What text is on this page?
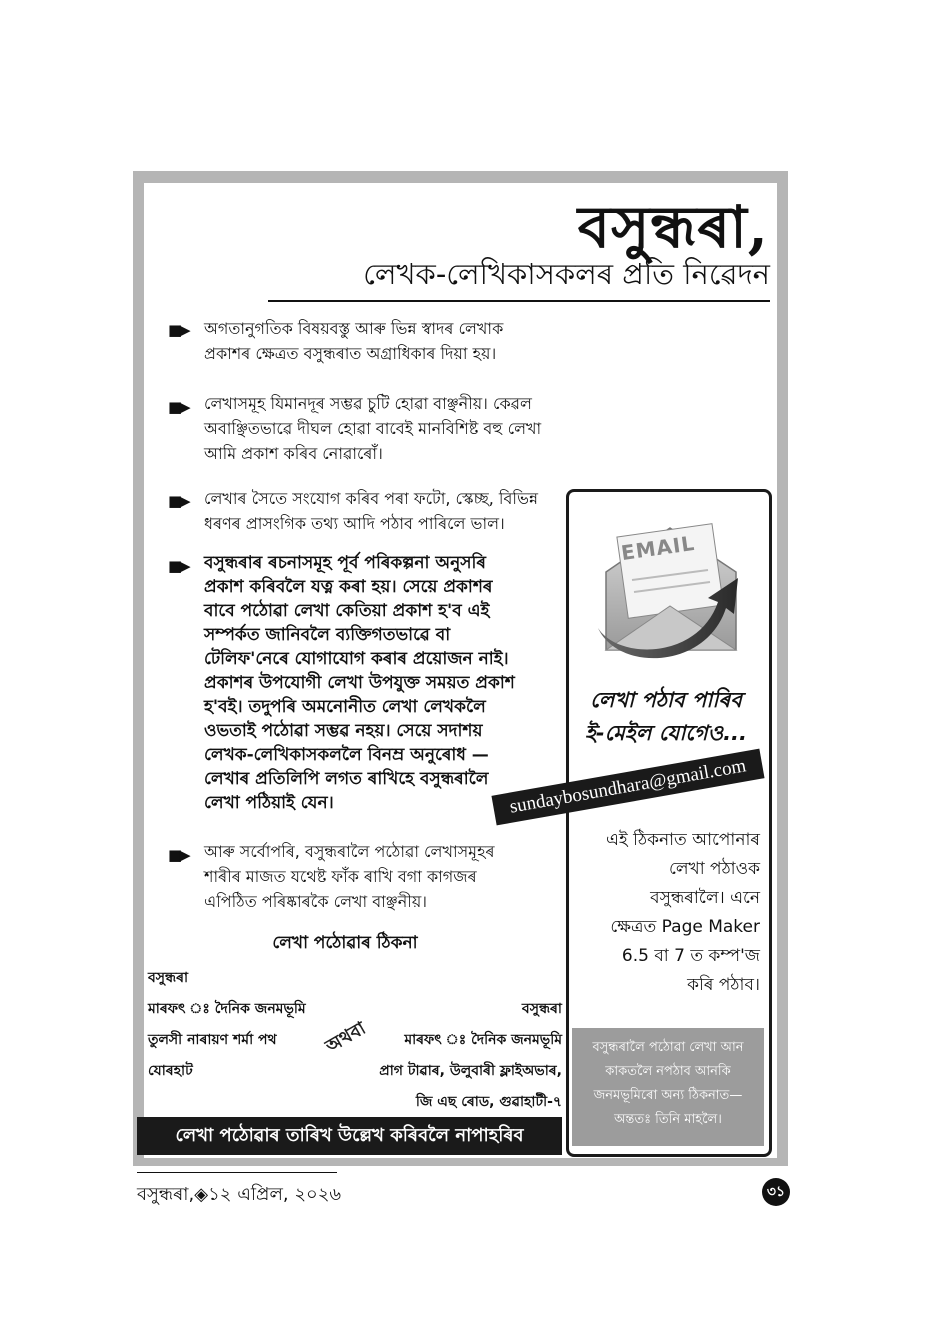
বসুন্ধৰা,
লেখক-লেখিকাসকলৰ প্ৰতি নিৱেদন
■▶ অগতানুগতিক বিষয়বস্তু আৰু ভিন্ন স্বাদৰ লেখাক
প্ৰকাশৰ ক্ষেত্ৰত বসুন্ধৰাত অগ্ৰাধিকাৰ দিয়া হয়।
■▶ লেখাসমূহ যিমানদূৰ সম্ভৱ চুটি হোৱা বাঞ্ছনীয়। কেৱল
অবাঞ্ছিতভাৱে দীঘল হোৱা বাবেই মানবিশিষ্ট বহু লেখা
আমি প্ৰকাশ কৰিব নোৱাৰোঁ।
■▶ লেখাৰ সৈতে সংযোগ কৰিব পৰা ফটো, স্কেচ্ছ, বিভিন্ন
ধৰণৰ প্ৰাসংগিক তথ্য আদি পঠাব পাৰিলে ভাল।
■▶ বসুন্ধৰাৰ ৰচনাসমূহ পূৰ্ব পৰিকল্পনা অনুসৰি
প্ৰকাশ কৰিবলৈ যত্ন কৰা হয়। সেয়ে প্ৰকাশৰ
বাবে পঠোৱা লেখা কেতিয়া প্ৰকাশ হ'ব এই
সম্পৰ্কত জানিবলৈ ব্যক্তিগতভাৱে বা
টেলিফ'নেৰে যোগাযোগ কৰাৰ প্ৰয়োজন নাই।
প্ৰকাশৰ উপযোগী লেখা উপযুক্ত সময়ত প্ৰকাশ
হ'বই। তদুপৰি অমনোনীত লেখা লেখকলৈ
ওভতাই পঠোৱা সম্ভৱ নহয়। সেয়ে সদাশয়
লেখক-লেখিকাসকললৈ বিনম্ৰ অনুৰোধ —
লেখাৰ প্ৰতিলিপি লগত ৰাখিহে বসুন্ধৰালৈ
লেখা পঠিয়াই যেন।
■▶ আৰু সৰ্বোপৰি, বসুন্ধৰালৈ পঠোৱা লেখাসমূহৰ
শাৰীৰ মাজত যথেষ্ট ফাঁক ৰাখি বগা কাগজৰ
এপিঠিত পৰিষ্কাৰকৈ লেখা বাঞ্ছনীয়।
লেখা পঠোৱাৰ ঠিকনা
বসুন্ধৰা
মাৰফৎ ঃ দৈনিক জনমভূমি
তুলসী নাৰায়ণ শৰ্মা পথ
যোৰহাট
অথবা
বসুন্ধৰা
মাৰফৎ ঃ দৈনিক জনমভূমি
প্ৰাগ টাৱাৰ, উলুবাৰী ফ্লাইঅভাৰ,
জি এছ ৰোড, গুৱাহাটী-৭
লেখা পঠোৱাৰ তাৰিখ উল্লেখ কৰিবলৈ নাপাহৰিব
EMAIL
লেখা পঠাব পাৰিব
ই-মেইল যোগেও...
sundaybosundhara@gmail.com
এই ঠিকনাত আপোনাৰ
লেখা পঠাওক
বসুন্ধৰালৈ। এনে
ক্ষেত্ৰত Page Maker
6.5 বা 7 ত কম্প'জ
কৰি পঠাব।
বসুন্ধৰালৈ পঠোৱা লেখা আন
কাকতলৈ নপঠাব আনকি
জনমভূমিৰো অন্য ঠিকনাত—
অন্ততঃ তিনি মাহলৈ।
বসুন্ধৰা,◈১২ এপ্ৰিল, ২০২৬	৩১
